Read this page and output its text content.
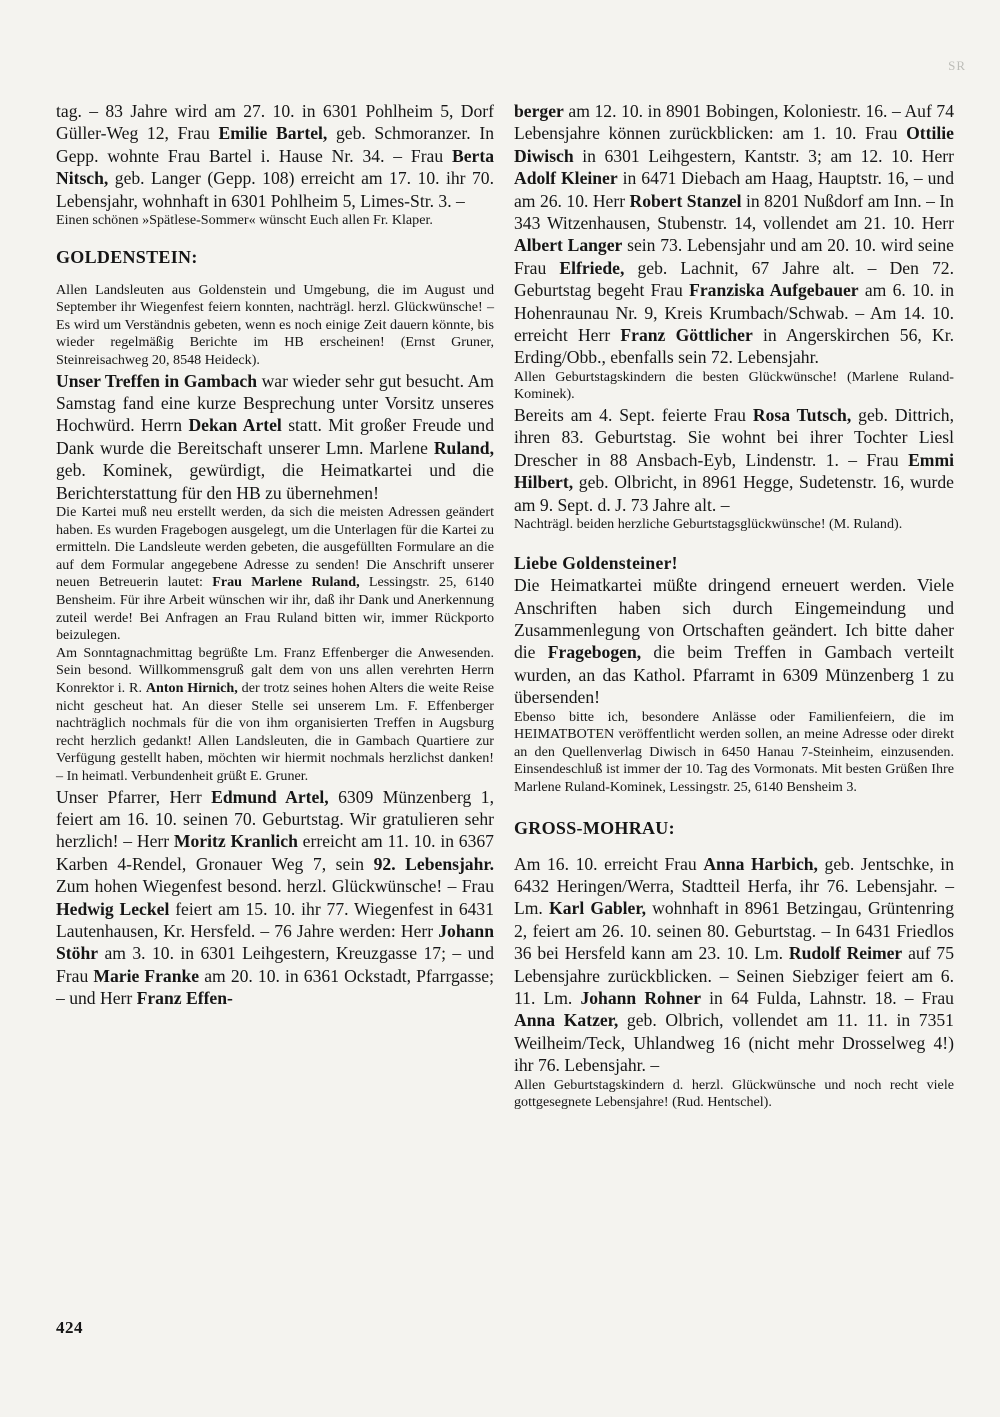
SR

tag. – 83 Jahre wird am 27. 10. in 6301 Pohlheim 5, Dorf Güller-Weg 12, Frau Emilie Bartel, geb. Schmoranzer. In Gepp. wohnte Frau Bartel i. Hause Nr. 34. – Frau Berta Nitsch, geb. Langer (Gepp. 108) erreicht am 17. 10. ihr 70. Lebensjahr, wohnhaft in 6301 Pohlheim 5, Limes-Str. 3. –

Einen schönen »Spätlese-Sommer« wünscht Euch allen Fr. Klaper.

GOLDENSTEIN:

Allen Landsleuten aus Goldenstein und Umgebung, die im August und September ihr Wiegenfest feiern konnten, nachträgl. herzl. Glückwünsche! – Es wird um Verständnis gebeten, wenn es noch einige Zeit dauern könnte, bis wieder regelmäßig Berichte im HB erscheinen! (Ernst Gruner, Steinreisachweg 20, 8548 Heideck).

Unser Treffen in Gambach war wieder sehr gut besucht. Am Samstag fand eine kurze Besprechung unter Vorsitz unseres Hochwürd. Herrn Dekan Artel statt. Mit großer Freude und Dank wurde die Bereitschaft unserer Lmn. Marlene Ruland, geb. Kominek, gewürdigt, die Heimatkartei und die Berichterstattung für den HB zu übernehmen!

Die Kartei muß neu erstellt werden, da sich die meisten Adressen geändert haben. Es wurden Fragebogen ausgelegt, um die Unterlagen für die Kartei zu ermitteln. Die Landsleute werden gebeten, die ausgefüllten Formulare an die auf dem Formular angegebene Adresse zu senden! Die Anschrift unserer neuen Betreuerin lautet: Frau Marlene Ruland, Lessingstr. 25, 6140 Bensheim. Für ihre Arbeit wünschen wir ihr, daß ihr Dank und Anerkennung zuteil werde! Bei Anfragen an Frau Ruland bitten wir, immer Rückporto beizulegen.

Am Sonntagnachmittag begrüßte Lm. Franz Effenberger die Anwesenden. Sein besond. Willkommensgruß galt dem von uns allen verehrten Herrn Konrektor i. R. Anton Hirnich, der trotz seines hohen Alters die weite Reise nicht gescheut hat. An dieser Stelle sei unserem Lm. F. Effenberger nachträglich nochmals für die von ihm organisierten Treffen in Augsburg recht herzlich gedankt! Allen Landsleuten, die in Gambach Quartiere zur Verfügung gestellt haben, möchten wir hiermit nochmals herzlichst danken! – In heimatl. Verbundenheit grüßt E. Gruner.

Unser Pfarrer, Herr Edmund Artel, 6309 Münzenberg 1, feiert am 16. 10. seinen 70. Geburtstag. Wir gratulieren sehr herzlich! – Herr Moritz Kranlich erreicht am 11. 10. in 6367 Karben 4-Rendel, Gronauer Weg 7, sein 92. Lebensjahr. Zum hohen Wiegenfest besond. herzl. Glückwünsche! – Frau Hedwig Leckel feiert am 15. 10. ihr 77. Wiegenfest in 6431 Lautenhausen, Kr. Hersfeld. – 76 Jahre werden: Herr Johann Stöhr am 3. 10. in 6301 Leihgestern, Kreuzgasse 17; – und Frau Marie Franke am 20. 10. in 6361 Ockstadt, Pfarrgasse; – und Herr Franz Effen-

berger am 12. 10. in 8901 Bobingen, Koloniestr. 16. – Auf 74 Lebensjahre können zurückblicken: am 1. 10. Frau Ottilie Diwisch in 6301 Leihgestern, Kantstr. 3; am 12. 10. Herr Adolf Kleiner in 6471 Diebach am Haag, Hauptstr. 16, – und am 26. 10. Herr Robert Stanzel in 8201 Nußdorf am Inn. – In 343 Witzenhausen, Stubenstr. 14, vollendet am 21. 10. Herr Albert Langer sein 73. Lebensjahr und am 20. 10. wird seine Frau Elfriede, geb. Lachnit, 67 Jahre alt. – Den 72. Geburtstag begeht Frau Franziska Aufgebauer am 6. 10. in Hohenraunau Nr. 9, Kreis Krumbach/Schwab. – Am 14. 10. erreicht Herr Franz Göttlicher in Angerskirchen 56, Kr. Erding/Obb., ebenfalls sein 72. Lebensjahr.

Allen Geburtstagskindern die besten Glückwünsche! (Marlene Ruland-Kominek).

Bereits am 4. Sept. feierte Frau Rosa Tutsch, geb. Dittrich, ihren 83. Geburtstag. Sie wohnt bei ihrer Tochter Liesl Drescher in 88 Ansbach-Eyb, Lindenstr. 1. – Frau Emmi Hilbert, geb. Olbricht, in 8961 Hegge, Sudetenstr. 16, wurde am 9. Sept. d. J. 73 Jahre alt. –

Nachträgl. beiden herzliche Geburtstagsglückwünsche! (M. Ruland).

Liebe Goldensteiner!

Die Heimatkartei müßte dringend erneuert werden. Viele Anschriften haben sich durch Eingemeindung und Zusammenlegung von Ortschaften geändert. Ich bitte daher die Fragebogen, die beim Treffen in Gambach verteilt wurden, an das Kathol. Pfarramt in 6309 Münzenberg 1 zu übersenden!

Ebenso bitte ich, besondere Anlässe oder Familienfeiern, die im HEIMATBOTEN veröffentlicht werden sollen, an meine Adresse oder direkt an den Quellenverlag Diwisch in 6450 Hanau 7-Steinheim, einzusenden. Einsendeschluß ist immer der 10. Tag des Vormonats. Mit besten Grüßen Ihre Marlene Ruland-Kominek, Lessingstr. 25, 6140 Bensheim 3.

GROSS-MOHRAU:

Am 16. 10. erreicht Frau Anna Harbich, geb. Jentschke, in 6432 Heringen/Werra, Stadtteil Herfa, ihr 76. Lebensjahr. – Lm. Karl Gabler, wohnhaft in 8961 Betzingau, Grüntenring 2, feiert am 26. 10. seinen 80. Geburtstag. – In 6431 Friedlos 36 bei Hersfeld kann am 23. 10. Lm. Rudolf Reimer auf 75 Lebensjahre zurückblicken. – Seinen Siebziger feiert am 6. 11. Lm. Johann Rohner in 64 Fulda, Lahnstr. 18. – Frau Anna Katzer, geb. Olbrich, vollendet am 11. 11. in 7351 Weilheim/Teck, Uhlandweg 16 (nicht mehr Drosselweg 4!) ihr 76. Lebensjahr. –

Allen Geburtstagskindern d. herzl. Glückwünsche und noch recht viele gottgesegnete Lebensjahre! (Rud. Hentschel).

424
